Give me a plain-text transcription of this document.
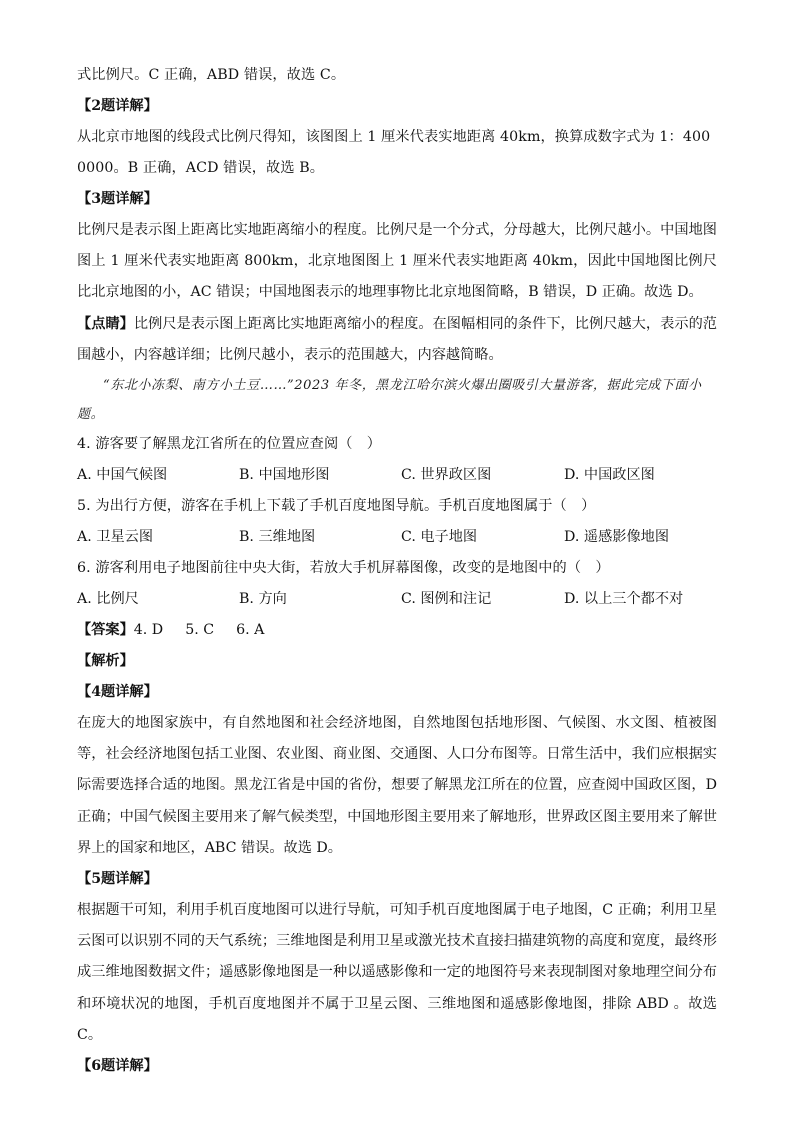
式比例尺。C 正确，ABD 错误，故选 C。
【2题详解】
从北京市地图的线段式比例尺得知，该图图上 1 厘米代表实地距离 40km，换算成数字式为 1：400
0000。B 正确，ACD 错误，故选 B。
【3题详解】
比例尺是表示图上距离比实地距离缩小的程度。比例尺是一个分式，分母越大，比例尺越小。中国地图图上 1 厘米代表实地距离 800km，北京地图图上 1 厘米代表实地距离 40km，因此中国地图比例尺比北京地图的小，AC 错误；中国地图表示的地理事物比北京地图简略，B 错误，D 正确。故选 D。
【点睛】比例尺是表示图上距离比实地距离缩小的程度。在图幅相同的条件下，比例尺越大，表示的范围越小，内容越详细；比例尺越小，表示的范围越大，内容越简略。
“东北小冻梨、南方小土豆……”2023 年冬，黑龙江哈尔滨火爆出圈吸引大量游客，据此完成下面小题。
4. 游客要了解黑龙江省所在的位置应查阅（　）
A. 中国气候图	B. 中国地形图	C. 世界政区图	D. 中国政区图
5. 为出行方便，游客在手机上下载了手机百度地图导航。手机百度地图属于（　）
A. 卫星云图	B. 三维地图	C. 电子地图	D. 遥感影像地图
6. 游客利用电子地图前往中央大街，若放大手机屏幕图像，改变的是地图中的（　）
A. 比例尺	B. 方向	C. 图例和注记	D. 以上三个都不对
【答案】4. D 5. C 6. A
【解析】
【4题详解】
在庞大的地图家族中，有自然地图和社会经济地图，自然地图包括地形图、气候图、水文图、植被图等，社会经济地图包括工业图、农业图、商业图、交通图、人口分布图等。日常生活中，我们应根据实际需要选择合适的地图。黑龙江省是中国的省份，想要了解黑龙江所在的位置，应查阅中国政区图，D 正确；中国气候图主要用来了解气候类型，中国地形图主要用来了解地形，世界政区图主要用来了解世界上的国家和地区，ABC 错误。故选 D。
【5题详解】
根据题干可知，利用手机百度地图可以进行导航，可知手机百度地图属于电子地图，C 正确；利用卫星云图可以识别不同的天气系统；三维地图是利用卫星或激光技术直接扫描建筑物的高度和宽度，最终形成三维地图数据文件；遥感影像地图是一种以遥感影像和一定的地图符号来表现制图对象地理空间分布和环境状况的地图，手机百度地图并不属于卫星云图、三维地图和遥感影像地图，排除 ABD 。故选 C。
【6题详解】
